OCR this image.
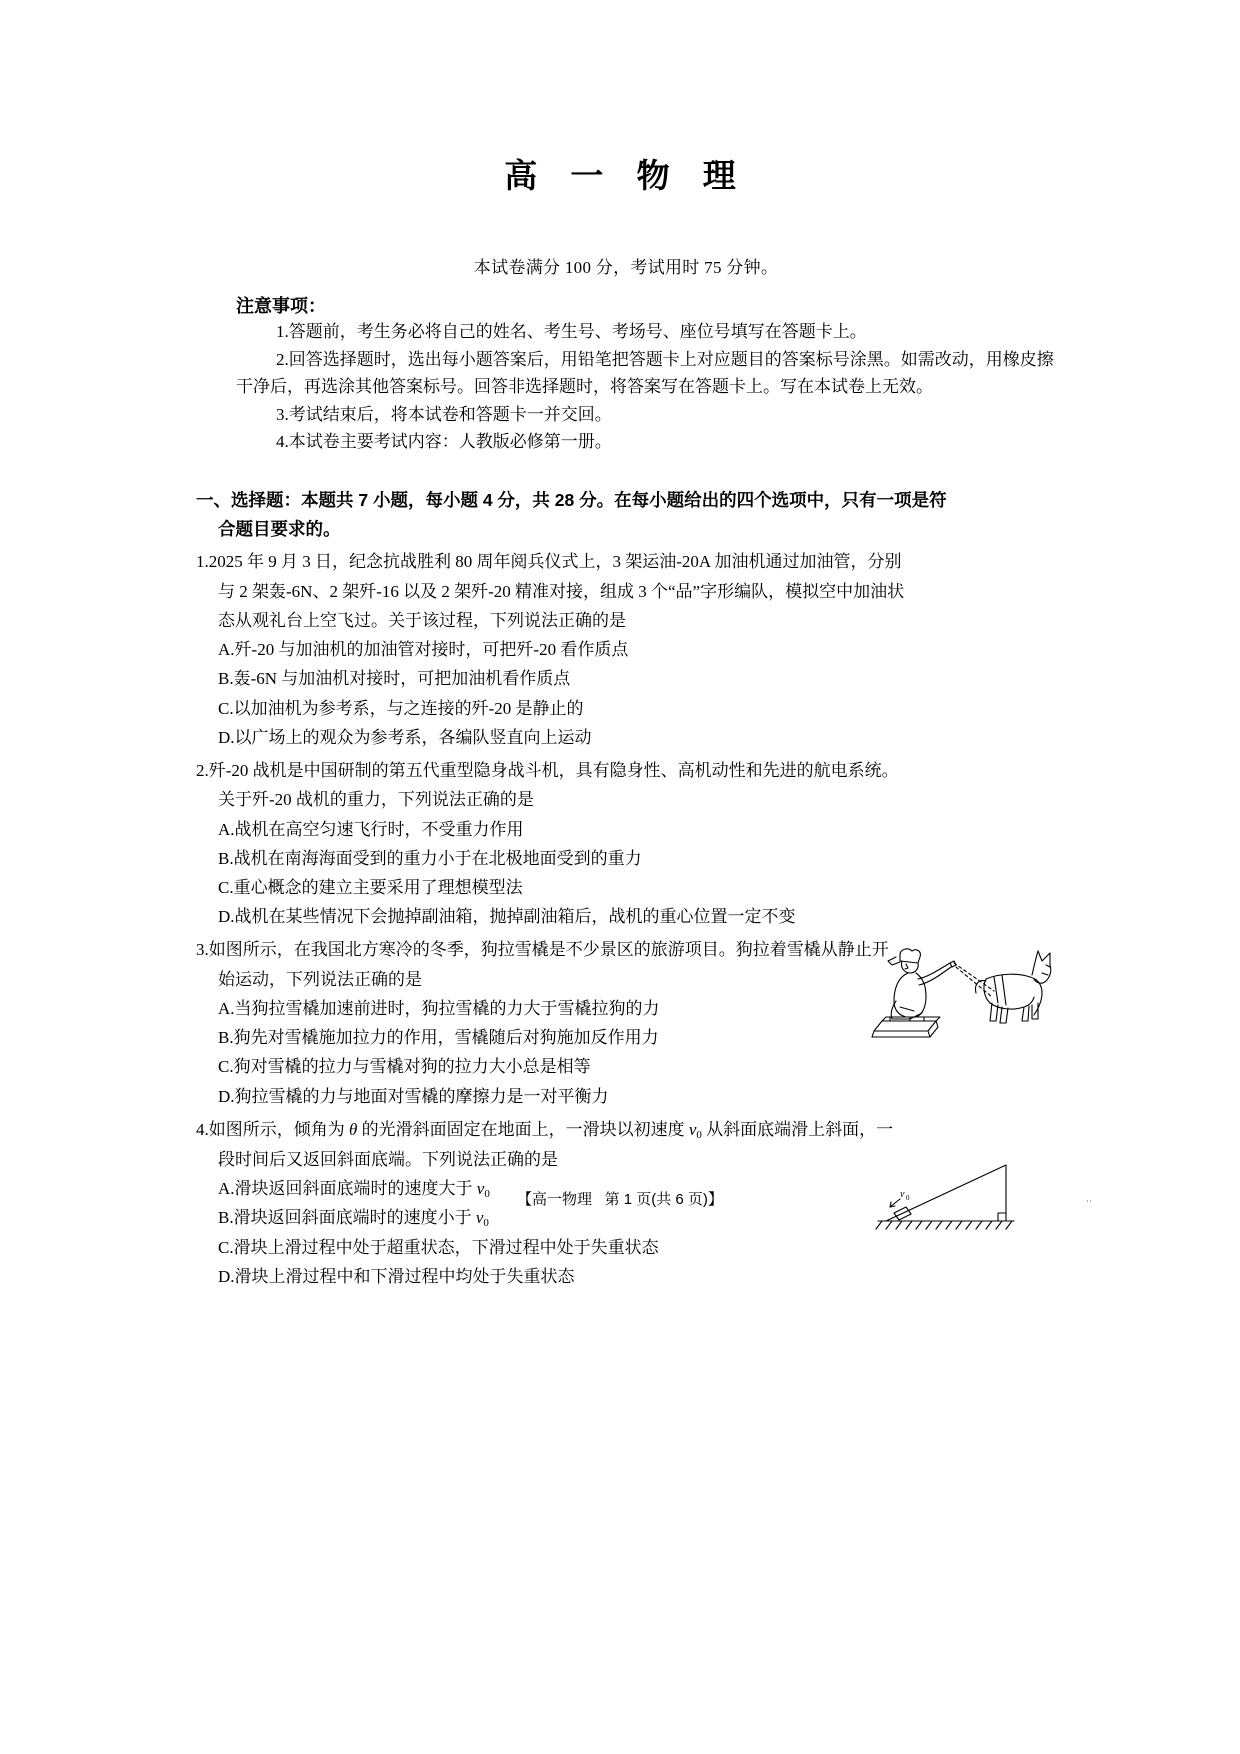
高 一 物 理
本试卷满分 100 分，考试用时 75 分钟。
注意事项：
1.答题前，考生务必将自己的姓名、考生号、考场号、座位号填写在答题卡上。
2.回答选择题时，选出每小题答案后，用铅笔把答题卡上对应题目的答案标号涂黑。如需改动，用橡皮擦干净后，再选涂其他答案标号。回答非选择题时，将答案写在答题卡上。写在本试卷上无效。
3.考试结束后，将本试卷和答题卡一并交回。
4.本试卷主要考试内容：人教版必修第一册。
一、选择题：本题共 7 小题，每小题 4 分，共 28 分。在每小题给出的四个选项中，只有一项是符
合题目要求的。
1.2025 年 9 月 3 日，纪念抗战胜利 80 周年阅兵仪式上，3 架运油-20A 加油机通过加油管，分别
与 2 架轰-6N、2 架歼-16 以及 2 架歼-20 精准对接，组成 3 个“品”字形编队，模拟空中加油状
态从观礼台上空飞过。关于该过程，下列说法正确的是
A.歼-20 与加油机的加油管对接时，可把歼-20 看作质点
B.轰-6N 与加油机对接时，可把加油机看作质点
C.以加油机为参考系，与之连接的歼-20 是静止的
D.以广场上的观众为参考系，各编队竖直向上运动
2.歼-20 战机是中国研制的第五代重型隐身战斗机，具有隐身性、高机动性和先进的航电系统。
关于歼-20 战机的重力，下列说法正确的是
A.战机在高空匀速飞行时，不受重力作用
B.战机在南海海面受到的重力小于在北极地面受到的重力
C.重心概念的建立主要采用了理想模型法
D.战机在某些情况下会抛掉副油箱，抛掉副油箱后，战机的重心位置一定不变
3.如图所示，在我国北方寒冷的冬季，狗拉雪橇是不少景区的旅游项目。狗拉着雪橇从静止开
始运动，下列说法正确的是
A.当狗拉雪橇加速前进时，狗拉雪橇的力大于雪橇拉狗的力
B.狗先对雪橇施加拉力的作用，雪橇随后对狗施加反作用力
C.狗对雪橇的拉力与雪橇对狗的拉力大小总是相等
D.狗拉雪橇的力与地面对雪橇的摩擦力是一对平衡力
4.如图所示，倾角为 θ 的光滑斜面固定在地面上，一滑块以初速度 $v_0$ 从斜面底端滑上斜面，一
段时间后又返回斜面底端。下列说法正确的是
A.滑块返回斜面底端时的速度大于 $v_0$
B.滑块返回斜面底端时的速度小于 $v_0$
C.滑块上滑过程中处于超重状态，下滑过程中处于失重状态
D.滑块上滑过程中和下滑过程中均处于失重状态
v 0
【高一物理 第 1 页(共 6 页)】	··
